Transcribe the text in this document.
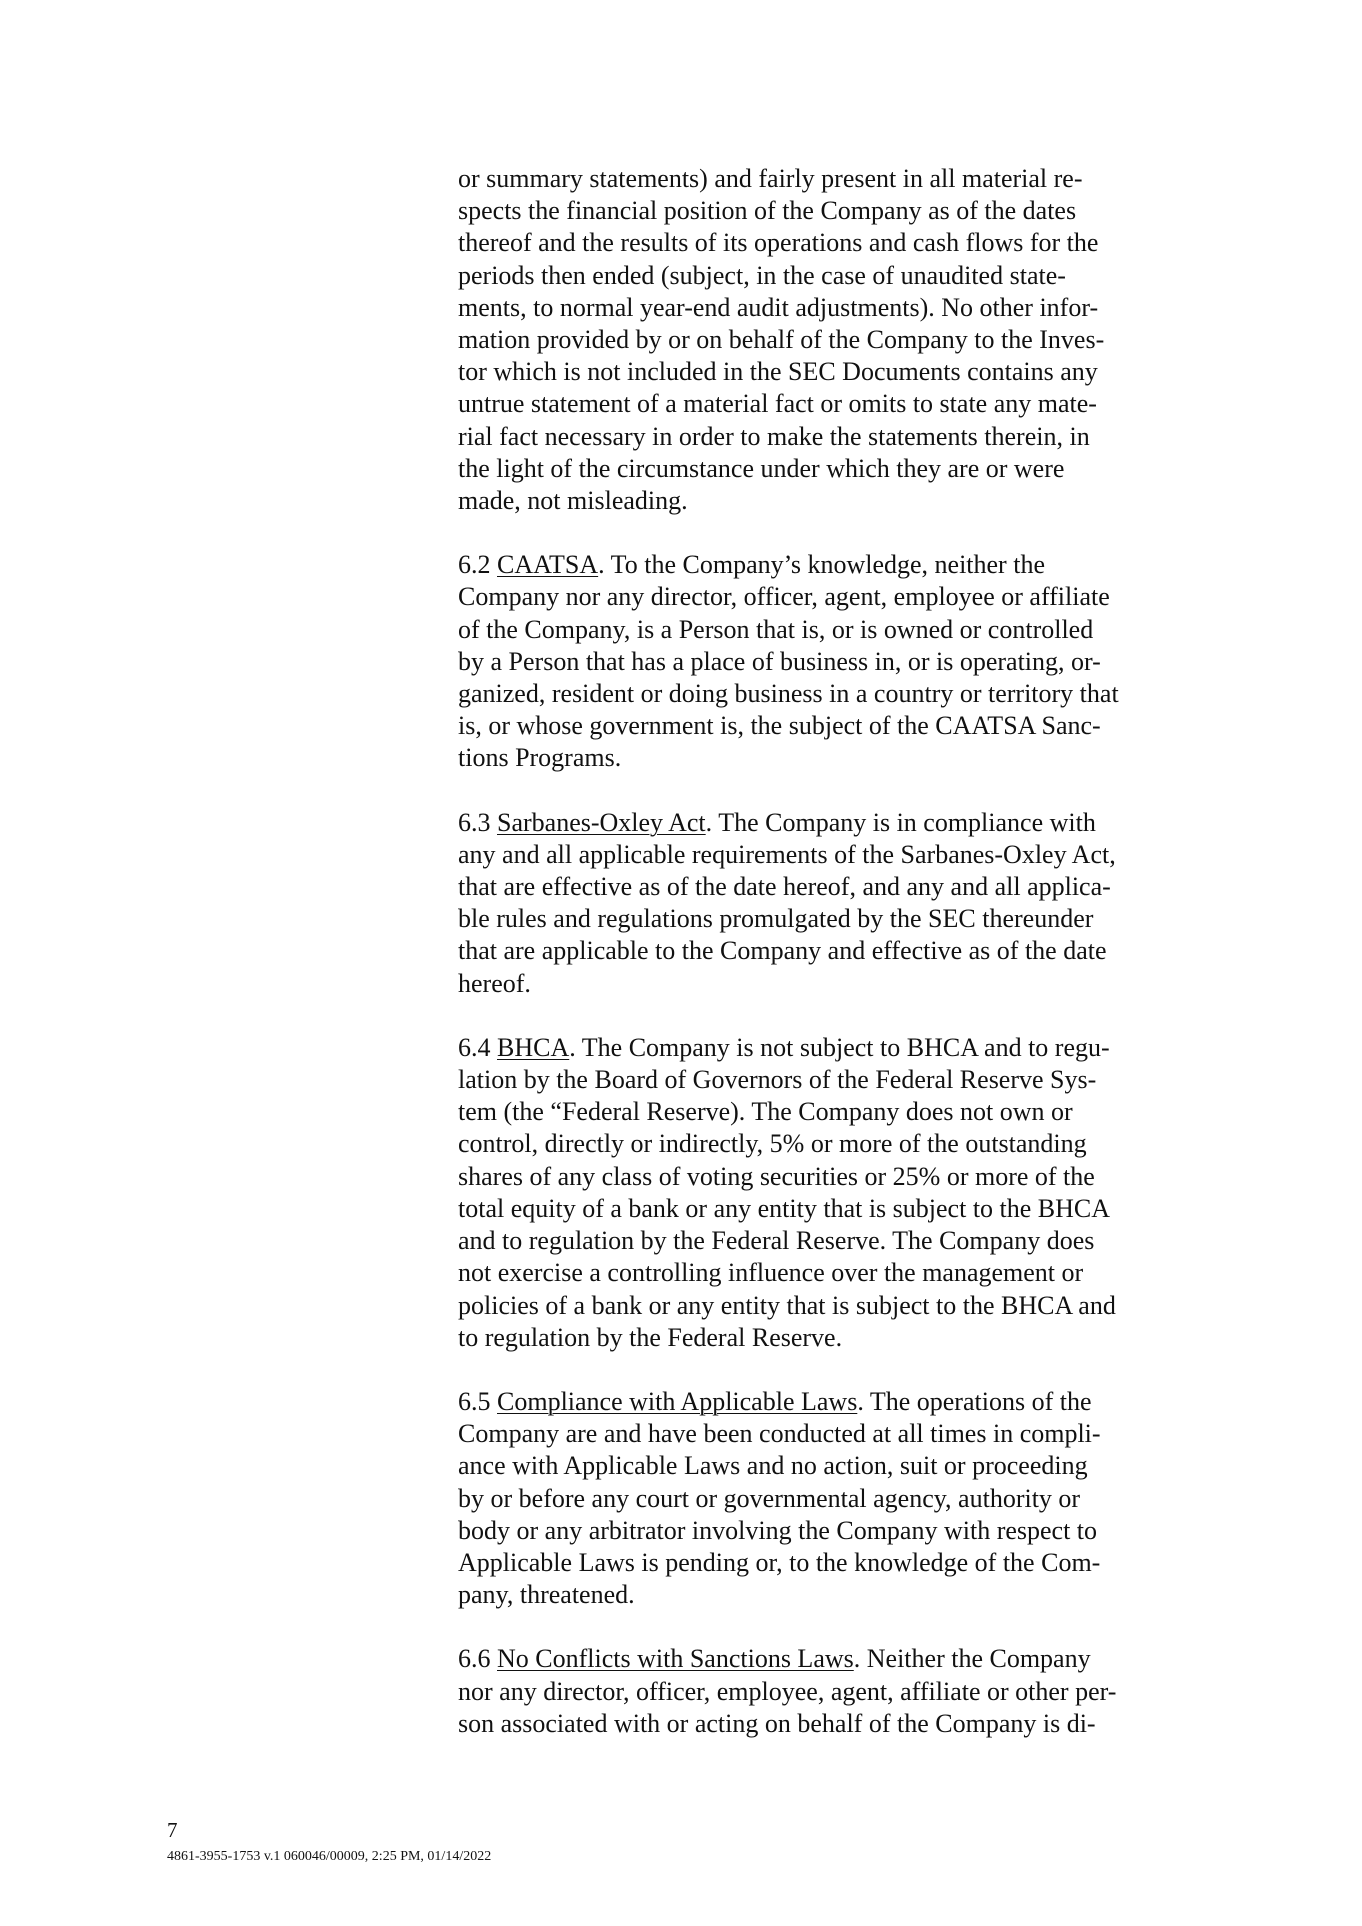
or summary statements) and fairly present in all material re-
spects the financial position of the Company as of the dates
thereof and the results of its operations and cash flows for the
periods then ended (subject, in the case of unaudited state-
ments, to normal year-end audit adjustments). No other infor-
mation provided by or on behalf of the Company to the Inves-
tor which is not included in the SEC Documents contains any
untrue statement of a material fact or omits to state any mate-
rial fact necessary in order to make the statements therein, in
the light of the circumstance under which they are or were
made, not misleading.
6.2 CAATSA. To the Company’s knowledge, neither the
Company nor any director, officer, agent, employee or affiliate
of the Company, is a Person that is, or is owned or controlled
by a Person that has a place of business in, or is operating, or-
ganized, resident or doing business in a country or territory that
is, or whose government is, the subject of the CAATSA Sanc-
tions Programs.
6.3 Sarbanes-Oxley Act. The Company is in compliance with
any and all applicable requirements of the Sarbanes-Oxley Act,
that are effective as of the date hereof, and any and all applica-
ble rules and regulations promulgated by the SEC thereunder
that are applicable to the Company and effective as of the date
hereof.
6.4 BHCA. The Company is not subject to BHCA and to regu-
lation by the Board of Governors of the Federal Reserve Sys-
tem (the “Federal Reserve). The Company does not own or
control, directly or indirectly, 5% or more of the outstanding
shares of any class of voting securities or 25% or more of the
total equity of a bank or any entity that is subject to the BHCA
and to regulation by the Federal Reserve. The Company does
not exercise a controlling influence over the management or
policies of a bank or any entity that is subject to the BHCA and
to regulation by the Federal Reserve.
6.5 Compliance with Applicable Laws. The operations of the
Company are and have been conducted at all times in compli-
ance with Applicable Laws and no action, suit or proceeding
by or before any court or governmental agency, authority or
body or any arbitrator involving the Company with respect to
Applicable Laws is pending or, to the knowledge of the Com-
pany, threatened.
6.6 No Conflicts with Sanctions Laws. Neither the Company
nor any director, officer, employee, agent, affiliate or other per-
son associated with or acting on behalf of the Company is di-
7
4861-3955-1753 v.1 060046/00009, 2:25 PM, 01/14/2022
